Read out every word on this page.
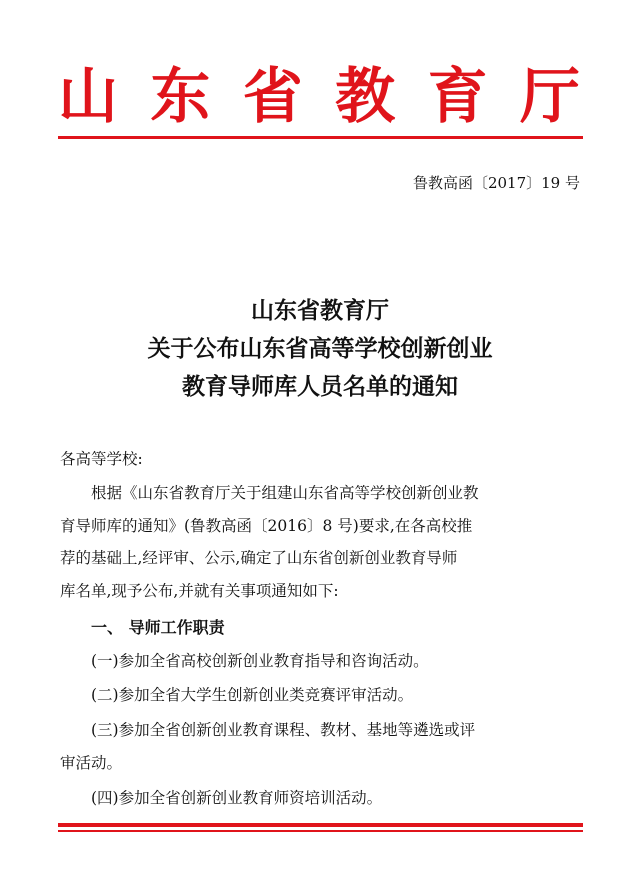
山 东 省 教 育 厅
鲁教高函〔2017〕19 号
山东省教育厅
关于公布山东省高等学校创新创业
教育导师库人员名单的通知
各高等学校:
根据《山东省教育厅关于组建山东省高等学校创新创业教
育导师库的通知》(鲁教高函〔2016〕8 号)要求,在各高校推
荐的基础上,经评审、公示,确定了山东省创新创业教育导师
库名单,现予公布,并就有关事项通知如下:
一、 导师工作职责
(一)参加全省高校创新创业教育指导和咨询活动。
(二)参加全省大学生创新创业类竞赛评审活动。
(三)参加全省创新创业教育课程、教材、基地等遴选或评
审活动。
(四)参加全省创新创业教育师资培训活动。
